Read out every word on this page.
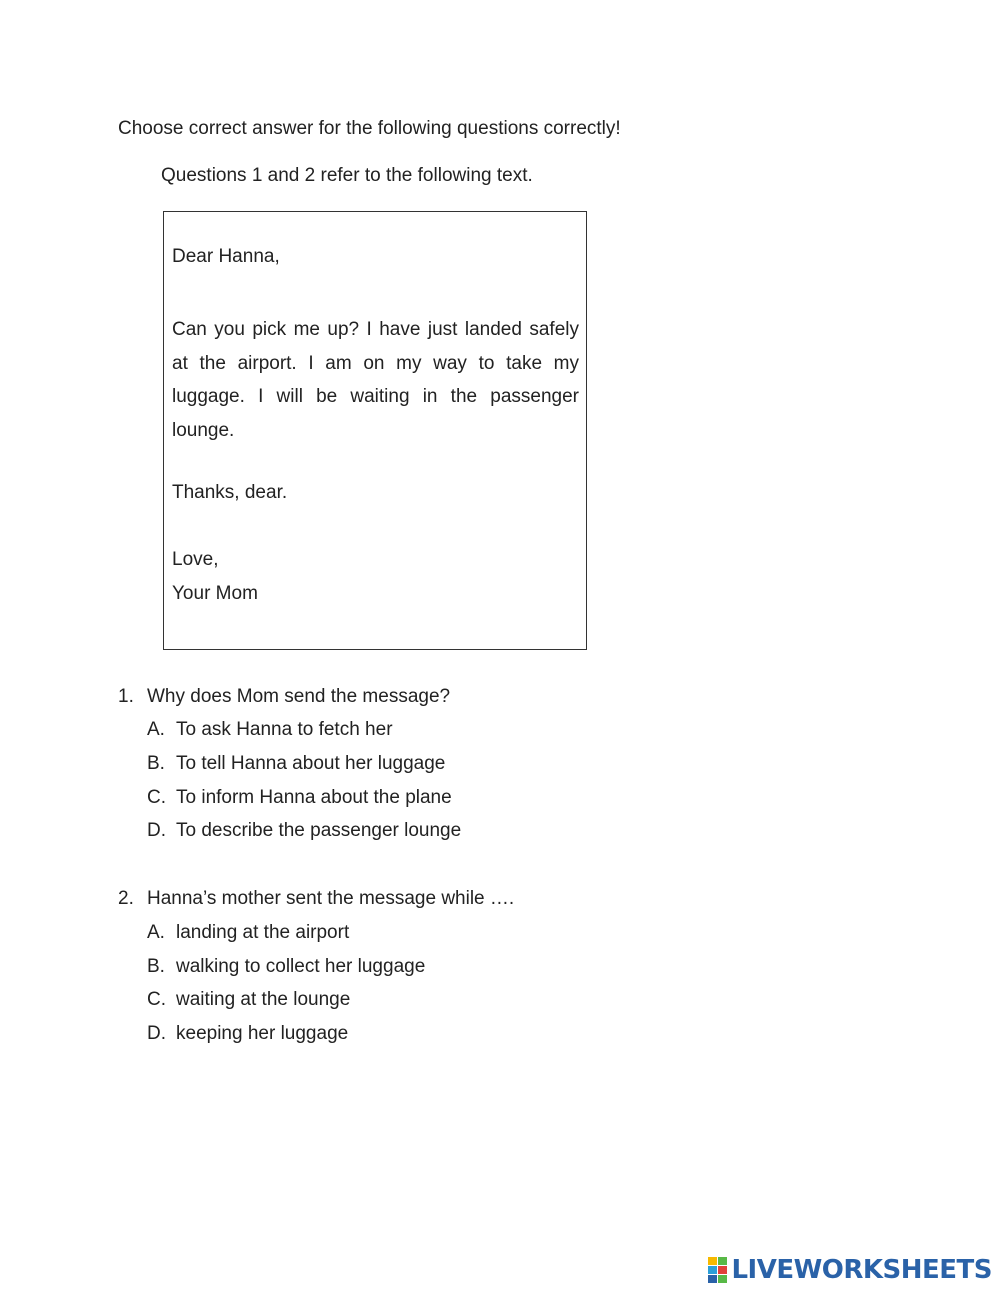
Choose correct answer for the following questions correctly!
Questions 1 and 2 refer to the following text.
Dear Hanna,
Can you pick me up? I have just landed safely at the airport. I am on my way to take my luggage. I will be waiting in the passenger lounge.
Thanks, dear.
Love,
Your Mom
1. Why does Mom send the message?
A. To ask Hanna to fetch her
B. To tell Hanna about her luggage
C. To inform Hanna about the plane
D. To describe the passenger lounge
2. Hanna’s mother sent the message while ….
A. landing at the airport
B. walking to collect her luggage
C. waiting at the lounge
D. keeping her luggage
LIVEWORKSHEETS
